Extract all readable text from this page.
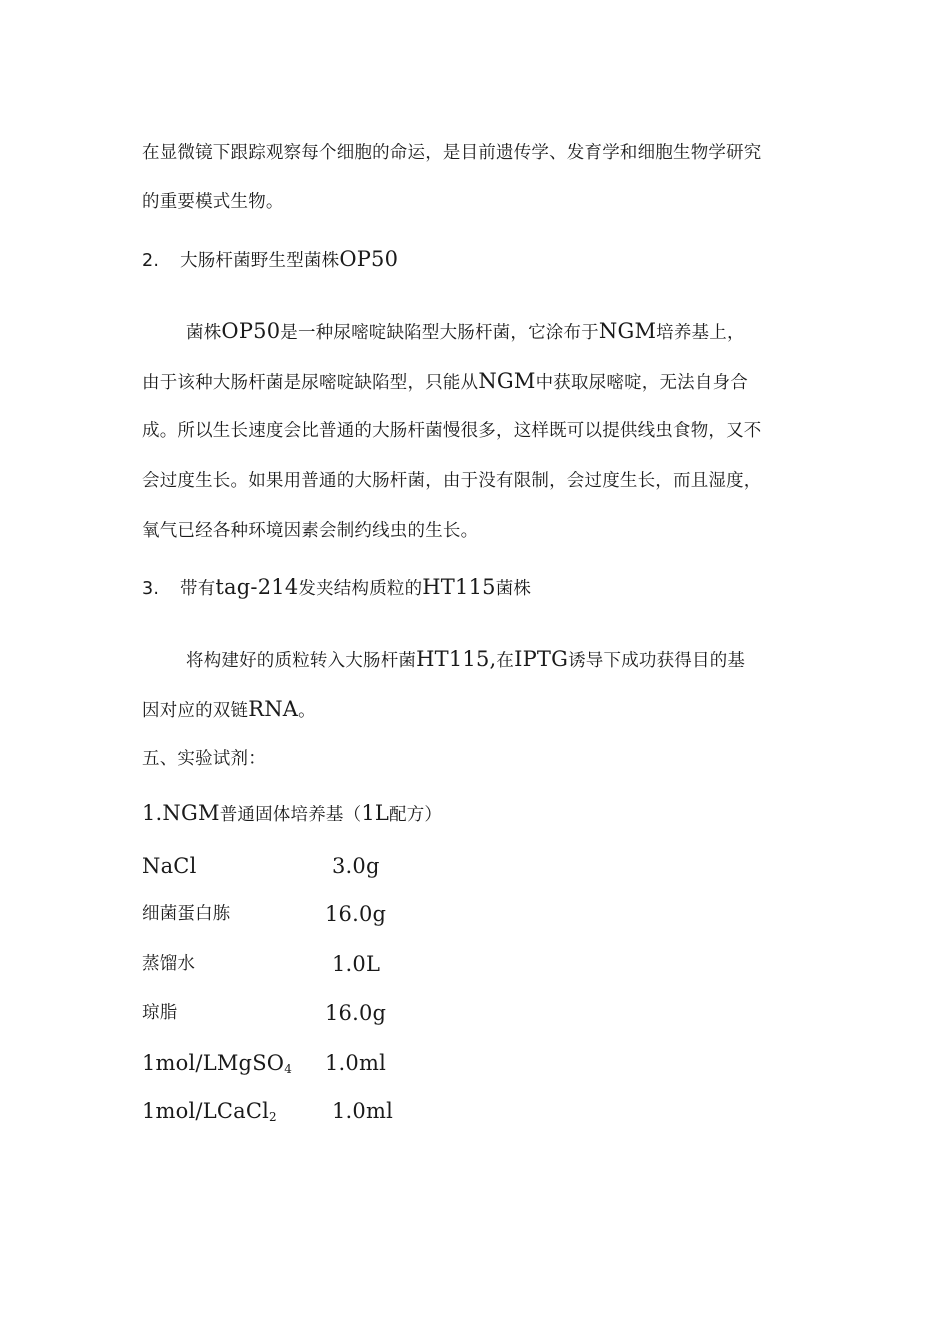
在显微镜下跟踪观察每个细胞的命运，是目前遗传学、发育学和细胞生物学研究
的重要模式生物。
2. 大肠杆菌野生型菌株OP50
菌株OP50是一种尿嘧啶缺陷型大肠杆菌，它涂布于NGM培养基上，
由于该种大肠杆菌是尿嘧啶缺陷型，只能从NGM中获取尿嘧啶，无法自身合
成。所以生长速度会比普通的大肠杆菌慢很多，这样既可以提供线虫食物，又不
会过度生长。如果用普通的大肠杆菌，由于没有限制，会过度生长，而且湿度，
氧气已经各种环境因素会制约线虫的生长。
3. 带有tag-214发夹结构质粒的HT115菌株
将构建好的质粒转入大肠杆菌HT115,在IPTG诱导下成功获得目的基
因对应的双链RNA。
五、实验试剂：
1.NGM普通固体培养基（1L配方）
NaCl	3.0g
细菌蛋白胨	16.0g
蒸馏水	1.0L
琼脂	16.0g
1mol/LMgSO$_4$ 1.0ml
1mol/LCaCl$_2$	1.0ml
